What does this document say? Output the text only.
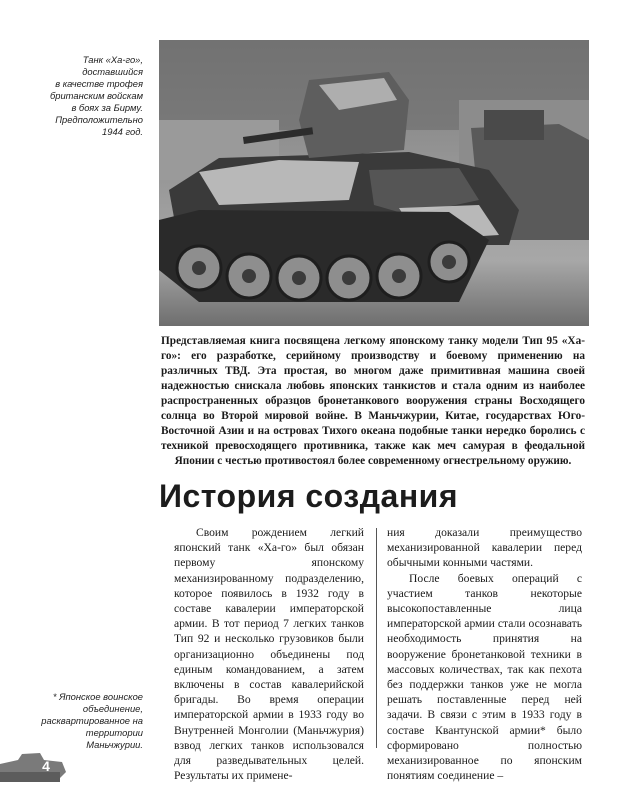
Танк «Ха-го»,
доставшийся
в качестве трофея
британским войскам
в боях за Бирму.
Предположительно
1944 год.
Представляемая книга посвящена легкому японскому танку модели Тип 95 «Ха-го»: его разработке, серийному производству и боевому применению на различных ТВД. Эта простая, во многом даже примитивная машина своей надежностью снискала любовь японских танкистов и стала одним из наиболее распространенных образцов бронетанкового вооружения страны Восходящего солнца во Второй мировой войне. В Маньчжурии, Китае, государствах Юго-Восточной Азии и на островах Тихого океана подобные танки нередко боролись с техникой превосходящего противника, также как меч самурая в феодальной Японии с честью противостоял более современному огнестрельному оружию.
История создания

Своим рождением легкий японский танк «Ха-го» был обязан первому японскому механизированному подразделению, которое появилось в 1932 году в составе кавалерии императорской армии. В тот период 7 легких танков Тип 92 и несколько грузовиков были организационно объединены под единым командованием, а затем включены в состав кавалерийской бригады. Во время операции императорской армии в 1933 году во Внутренней Монголии (Маньчжурия) взвод легких танков использовался для разведывательных целей. Результаты их примене-

ния доказали преимущество механизированной кавалерии перед обычными конными частями.

После боевых операций с участием танков некоторые высокопоставленные лица императорской армии стали осознавать необходимость принятия на вооружение бронетанковой техники в массовых количествах, так как пехота без поддержки танков уже не могла решать поставленные перед ней задачи. В связи с этим в 1933 году в составе Квантунской армии* было сформировано полностью механизированное по японским понятиям соединение –

* Японское воинское
объединение,
расквартированное на
территории
Маньчжурии.
4
